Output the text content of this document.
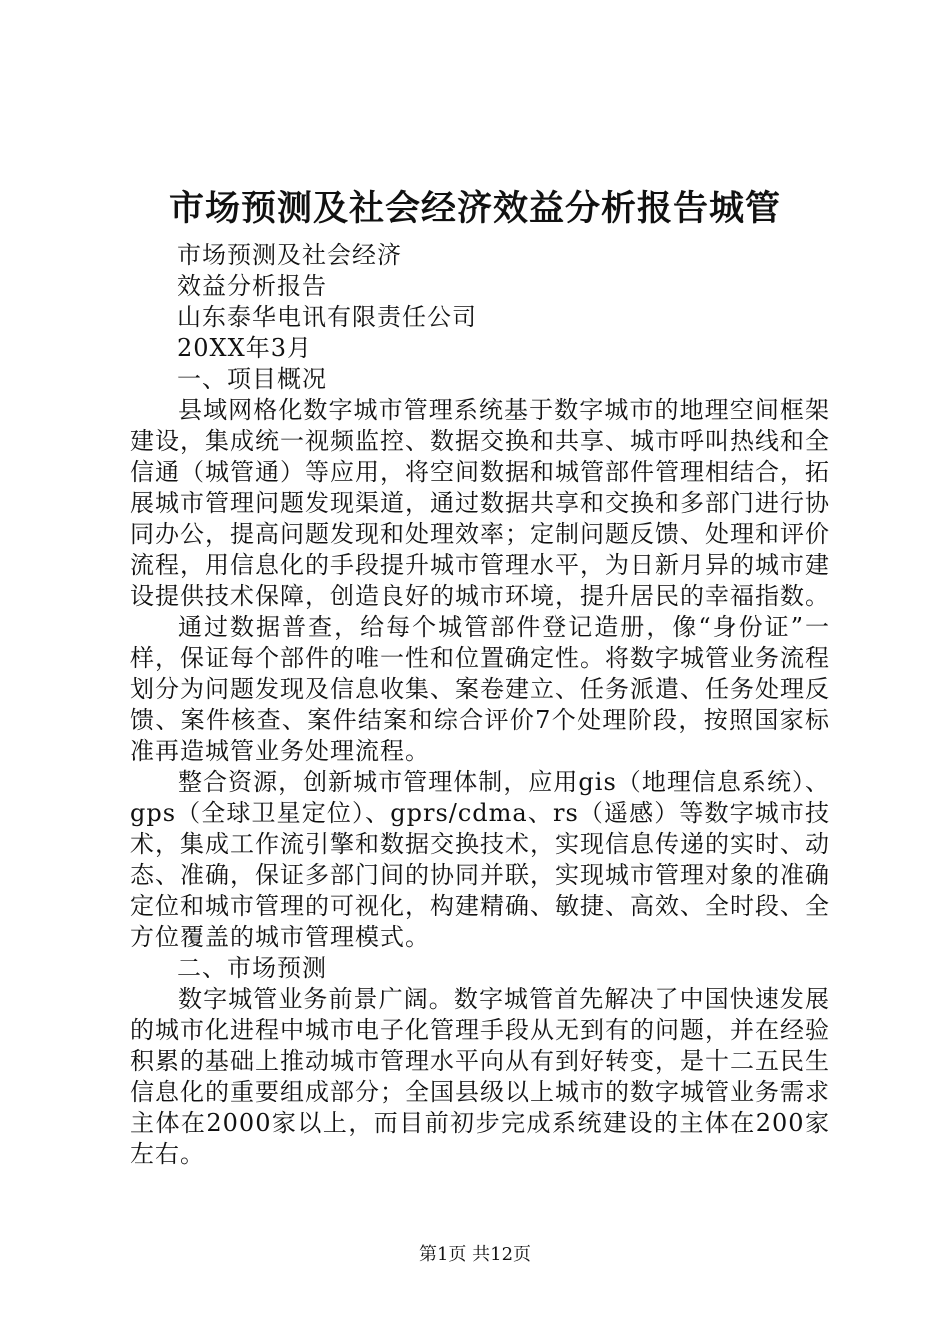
市场预测及社会经济效益分析报告城管

市场预测及社会经济

效益分析报告

山东泰华电讯有限责任公司

20XX年3月

一、项目概况

县域网格化数字城市管理系统基于数字城市的地理空间框架建设，集成统一视频监控、数据交换和共享、城市呼叫热线和全信通（城管通）等应用，将空间数据和城管部件管理相结合，拓展城市管理问题发现渠道，通过数据共享和交换和多部门进行协同办公，提高问题发现和处理效率；定制问题反馈、处理和评价流程，用信息化的手段提升城市管理水平，为日新月异的城市建设提供技术保障，创造良好的城市环境，提升居民的幸福指数。

通过数据普查，给每个城管部件登记造册，像“身份证”一样，保证每个部件的唯一性和位置确定性。将数字城管业务流程划分为问题发现及信息收集、案卷建立、任务派遣、任务处理反馈、案件核查、案件结案和综合评价7个处理阶段，按照国家标准再造城管业务处理流程。

整合资源，创新城市管理体制，应用gis（地理信息系统）、gps（全球卫星定位）、gprs/cdma、rs（遥感）等数字城市技术，集成工作流引擎和数据交换技术，实现信息传递的实时、动态、准确，保证多部门间的协同并联，实现城市管理对象的准确定位和城市管理的可视化，构建精确、敏捷、高效、全时段、全方位覆盖的城市管理模式。

二、市场预测

数字城管业务前景广阔。数字城管首先解决了中国快速发展的城市化进程中城市电子化管理手段从无到有的问题，并在经验积累的基础上推动城市管理水平向从有到好转变，是十二五民生信息化的重要组成部分；全国县级以上城市的数字城管业务需求主体在2000家以上，而目前初步完成系统建设的主体在200家左右。

第1页 共12页
